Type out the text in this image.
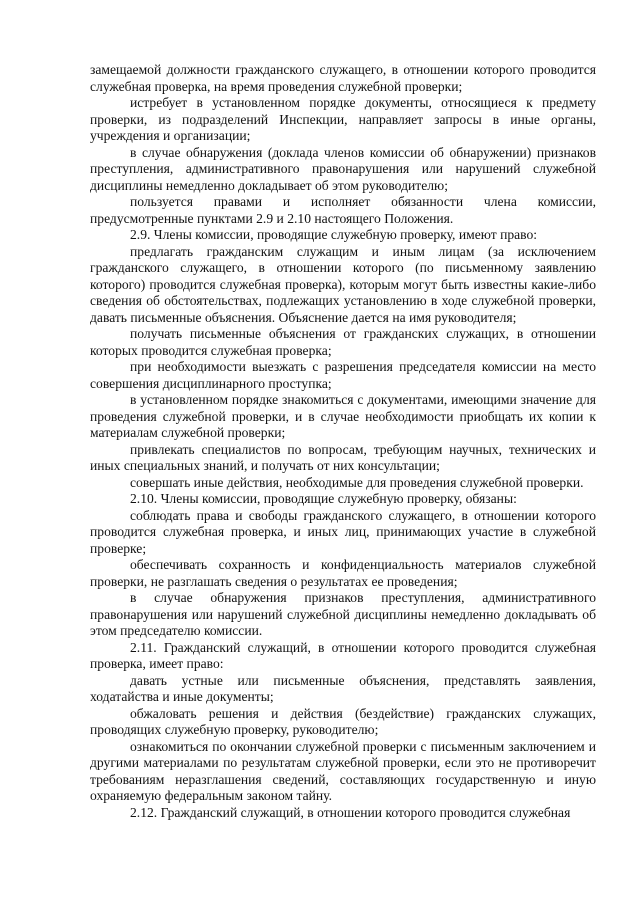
замещаемой должности гражданского служащего, в отношении которого проводится служебная проверка, на время проведения служебной проверки;

истребует в установленном порядке документы, относящиеся к предмету проверки, из подразделений Инспекции, направляет запросы в иные органы, учреждения и организации;

в случае обнаружения (доклада членов комиссии об обнаружении) признаков преступления, административного правонарушения или нарушений служебной дисциплины немедленно докладывает об этом руководителю;

пользуется правами и исполняет обязанности члена комиссии, предусмотренные пунктами 2.9 и 2.10 настоящего Положения.

2.9. Члены комиссии, проводящие служебную проверку, имеют право:

предлагать гражданским служащим и иным лицам (за исключением гражданского служащего, в отношении которого (по письменному заявлению которого) проводится служебная проверка), которым могут быть известны какие-либо сведения об обстоятельствах, подлежащих установлению в ходе служебной проверки, давать письменные объяснения. Объяснение дается на имя руководителя;

получать письменные объяснения от гражданских служащих, в отношении которых проводится служебная проверка;

при необходимости выезжать с разрешения председателя комиссии на место совершения дисциплинарного проступка;

в установленном порядке знакомиться с документами, имеющими значение для проведения служебной проверки, и в случае необходимости приобщать их копии к материалам служебной проверки;

привлекать специалистов по вопросам, требующим научных, технических и иных специальных знаний, и получать от них консультации;

совершать иные действия, необходимые для проведения служебной проверки.

2.10. Члены комиссии, проводящие служебную проверку, обязаны:

соблюдать права и свободы гражданского служащего, в отношении которого проводится служебная проверка, и иных лиц, принимающих участие в служебной проверке;

обеспечивать сохранность и конфиденциальность материалов служебной проверки, не разглашать сведения о результатах ее проведения;

в случае обнаружения признаков преступления, административного правонарушения или нарушений служебной дисциплины немедленно докладывать об этом председателю комиссии.

2.11. Гражданский служащий, в отношении которого проводится служебная проверка, имеет право:

давать устные или письменные объяснения, представлять заявления, ходатайства и иные документы;

обжаловать решения и действия (бездействие) гражданских служащих, проводящих служебную проверку, руководителю;

ознакомиться по окончании служебной проверки с письменным заключением и другими материалами по результатам служебной проверки, если это не противоречит требованиям неразглашения сведений, составляющих государственную и иную охраняемую федеральным законом тайну.

2.12. Гражданский служащий, в отношении которого проводится служебная
